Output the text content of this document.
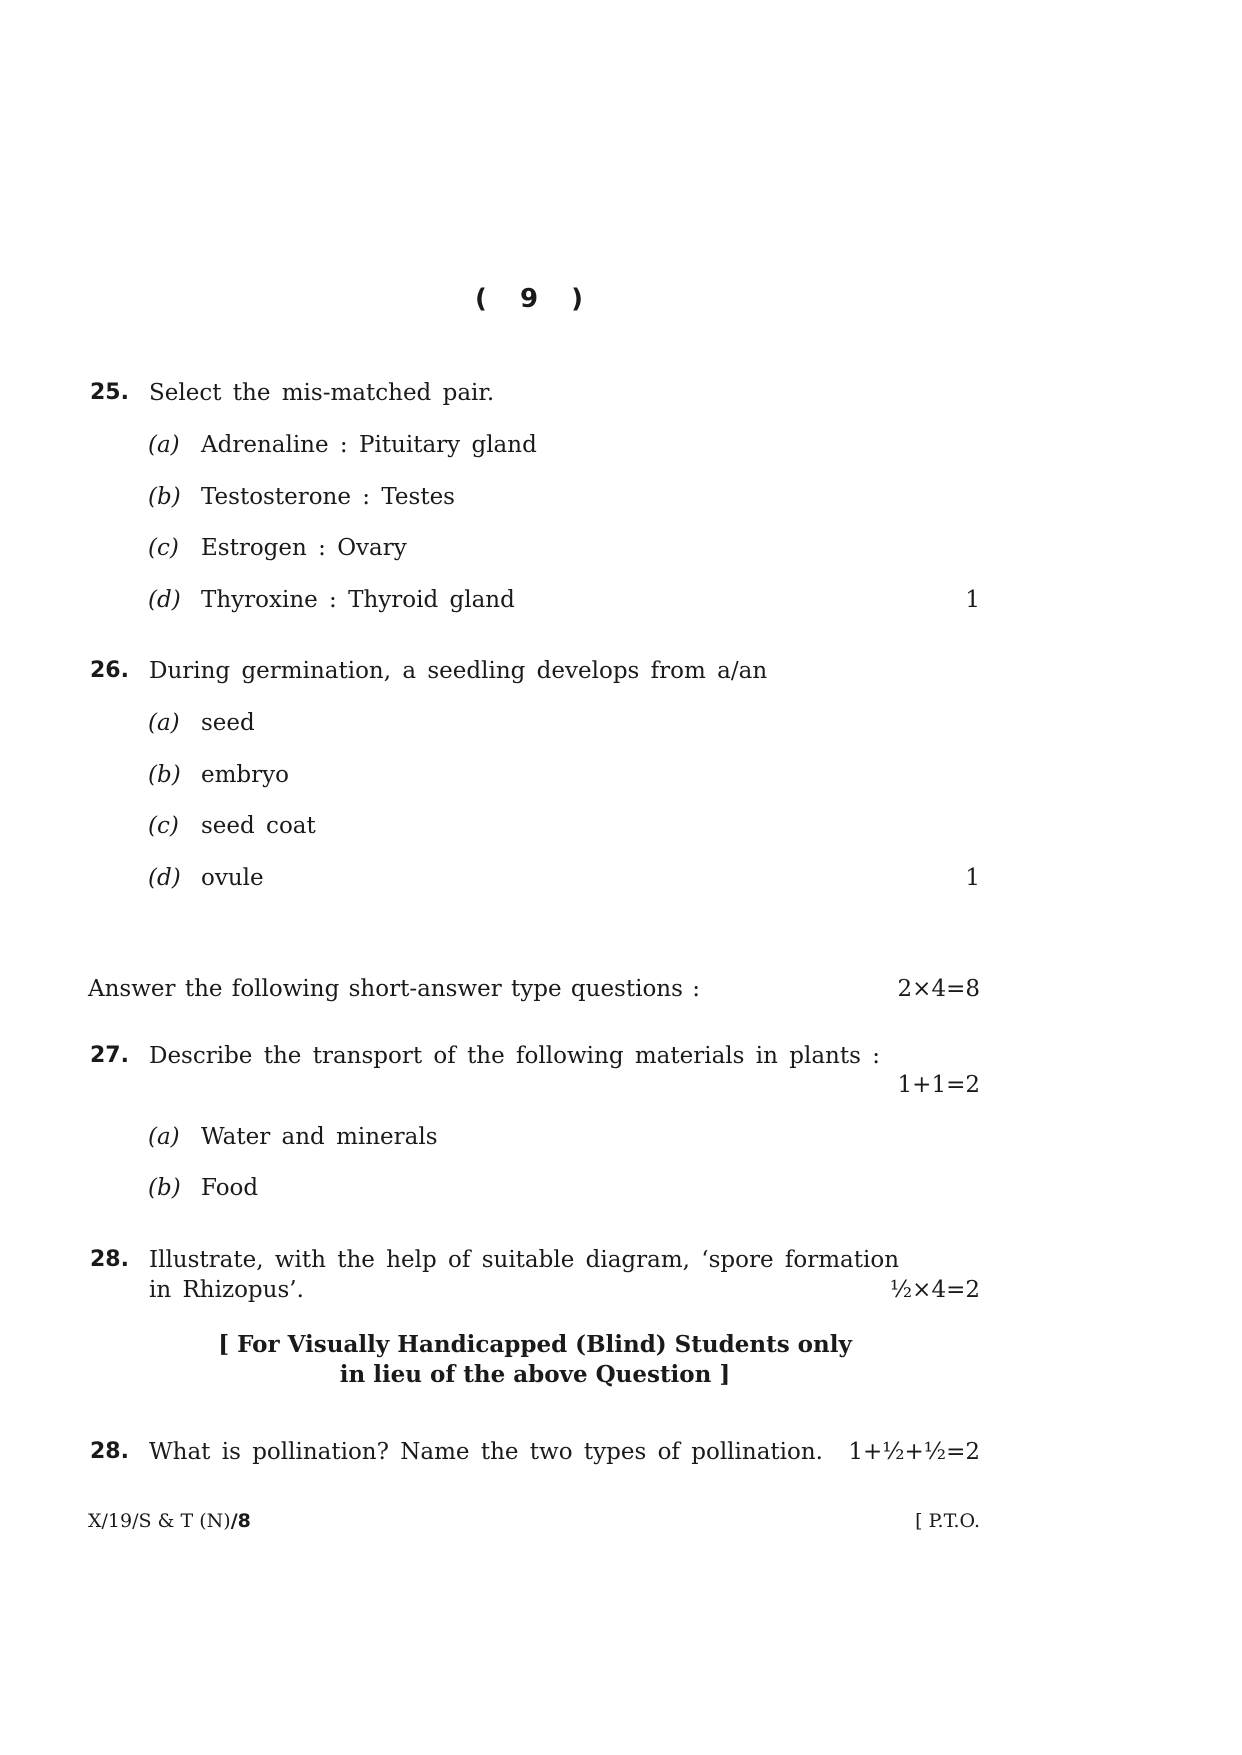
( 9 )
25. Select the mis-matched pair.
(a) Adrenaline : Pituitary gland
(b) Testosterone : Testes
(c) Estrogen : Ovary
(d) Thyroxine : Thyroid gland	1
26. During germination, a seedling develops from a/an
(a) seed
(b) embryo
(c) seed coat
(d) ovule	1
Answer the following short-answer type questions :	2×4=8
27. Describe the transport of the following materials in plants :
1+1=2
(a) Water and minerals
(b) Food
28. Illustrate, with the help of suitable diagram, ‘spore formation
in Rhizopus’.	½×4=2
[ For Visually Handicapped (Blind) Students only
in lieu of the above Question ]
28. What is pollination? Name the two types of pollination.	1+½+½=2
X/19/S & T (N)/8	[ P.T.O.
